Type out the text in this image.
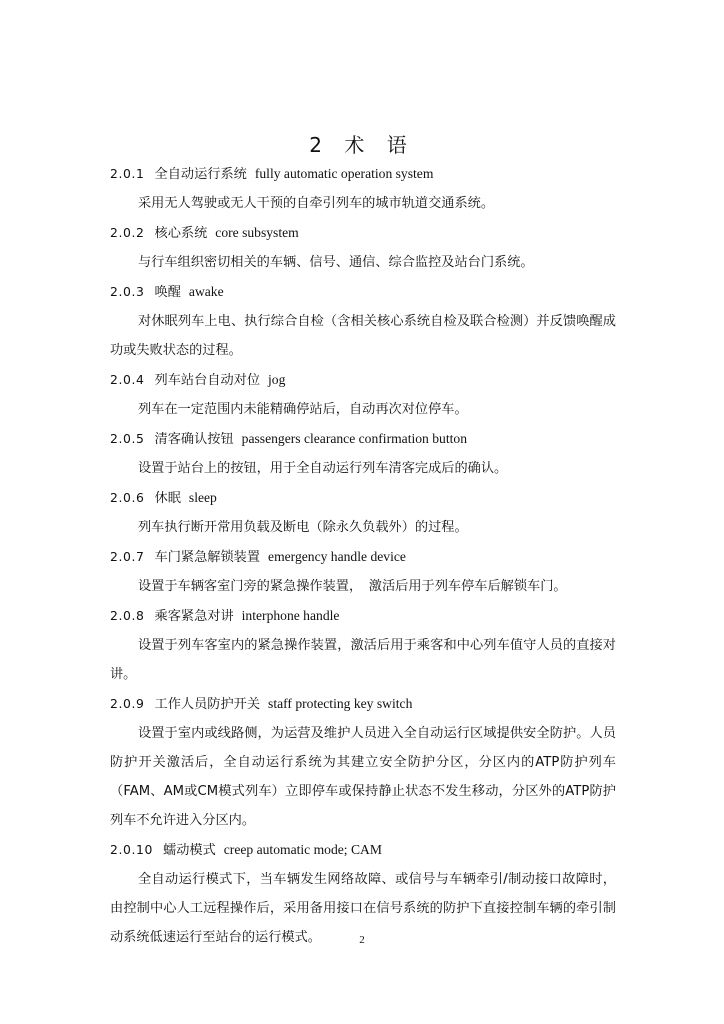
2 术 语
2.0.1 全自动运行系统 fully automatic operation system

采用无人驾驶或无人干预的自牵引列车的城市轨道交通系统。

2.0.2 核心系统 core subsystem

与行车组织密切相关的车辆、信号、通信、综合监控及站台门系统。

2.0.3 唤醒 awake

对休眠列车上电、执行综合自检（含相关核心系统自检及联合检测）并反馈唤醒成功或失败状态的过程。

2.0.4 列车站台自动对位 jog

列车在一定范围内未能精确停站后，自动再次对位停车。

2.0.5 清客确认按钮 passengers clearance confirmation button

设置于站台上的按钮，用于全自动运行列车清客完成后的确认。

2.0.6 休眠 sleep

列车执行断开常用负载及断电（除永久负载外）的过程。

2.0.7 车门紧急解锁装置 emergency handle device

设置于车辆客室门旁的紧急操作装置，　激活后用于列车停车后解锁车门。

2.0.8 乘客紧急对讲 interphone handle

设置于列车客室内的紧急操作装置，激活后用于乘客和中心列车值守人员的直接对讲。

2.0.9 工作人员防护开关 staff protecting key switch

设置于室内或线路侧，为运营及维护人员进入全自动运行区域提供安全防护。人员防护开关激活后，全自动运行系统为其建立安全防护分区，分区内的ATP防护列车（FAM、AM或CM模式列车）立即停车或保持静止状态不发生移动，分区外的ATP防护列车不允许进入分区内。

2.0.10 蠕动模式 creep automatic mode; CAM

全自动运行模式下，当车辆发生网络故障、或信号与车辆牵引/制动接口故障时，由控制中心人工远程操作后，采用备用接口在信号系统的防护下直接控制车辆的牵引制动系统低速运行至站台的运行模式。	2
